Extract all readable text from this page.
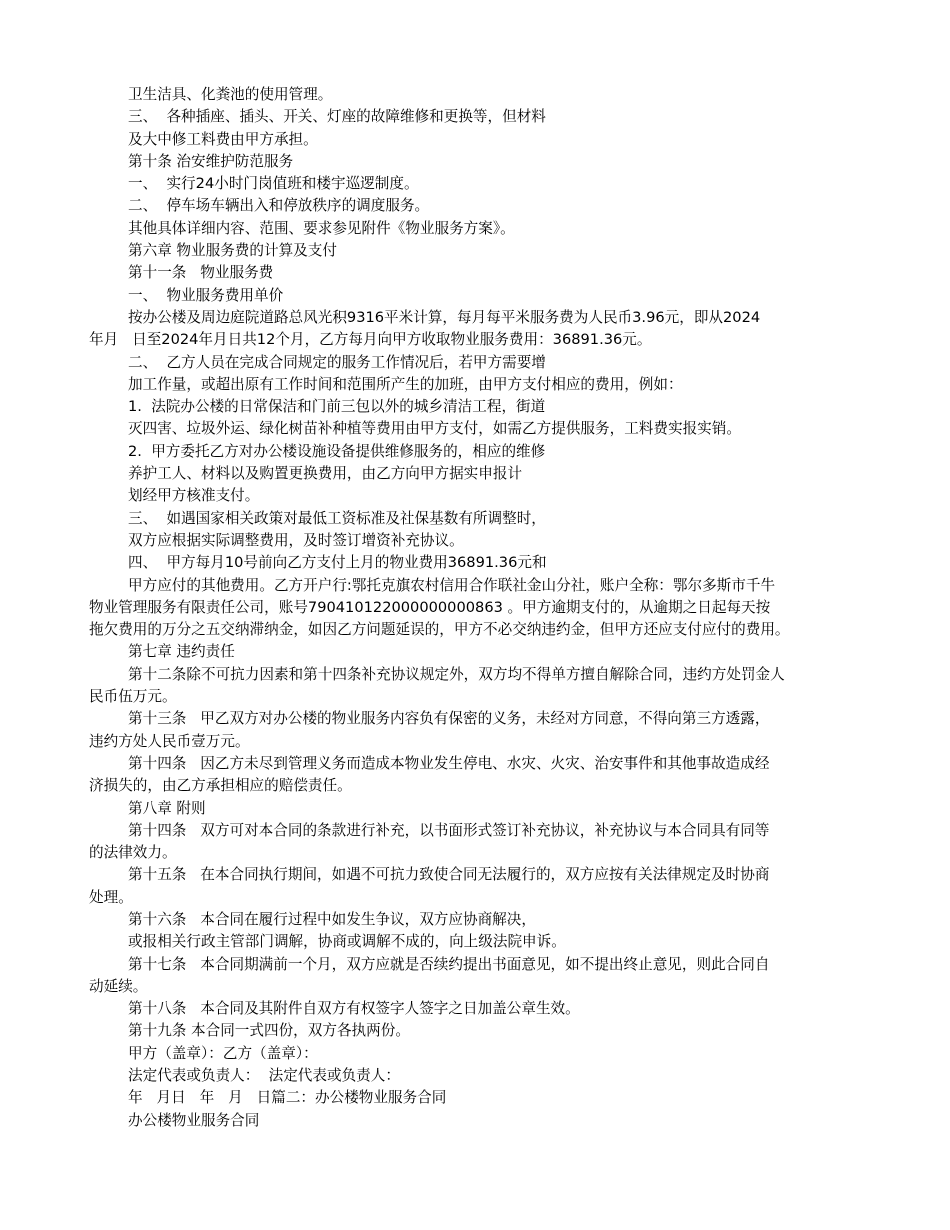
卫生洁具、化粪池的使用管理。
三、  各种插座、插头、开关、灯座的故障维修和更换等，但材料
及大中修工料费由甲方承担。
第十条 治安维护防范服务
一、  实行24小时门岗值班和楼宇巡逻制度。
二、  停车场车辆出入和停放秩序的调度服务。
其他具体详细内容、范围、要求参见附件《物业服务方案》。
第六章 物业服务费的计算及支付
第十一条   物业服务费
一、  物业服务费用单价
按办公楼及周边庭院道路总风光积9316平米计算，每月每平米服务费为人民币3.96元，即从2024
年月   日至2024年月日共12个月，乙方每月向甲方收取物业服务费用：36891.36元。
二、  乙方人员在完成合同规定的服务工作情况后，若甲方需要增
加工作量，或超出原有工作时间和范围所产生的加班，由甲方支付相应的费用，例如：
1.  法院办公楼的日常保洁和门前三包以外的城乡清洁工程，街道
灭四害、垃圾外运、绿化树苗补种植等费用由甲方支付，如需乙方提供服务，工料费实报实销。
2.  甲方委托乙方对办公楼设施设备提供维修服务的，相应的维修
养护工人、材料以及购置更换费用，由乙方向甲方据实申报计
划经甲方核准支付。
三、  如遇国家相关政策对最低工资标准及社保基数有所调整时，
双方应根据实际调整费用，及时签订增资补充协议。
四、  甲方每月10号前向乙方支付上月的物业费用36891.36元和
甲方应付的其他费用。乙方开户行:鄂托克旗农村信用合作联社金山分社，账户全称：鄂尔多斯市千牛
物业管理服务有限责任公司，账号790410122000000000863 。甲方逾期支付的，从逾期之日起每天按
拖欠费用的万分之五交纳滞纳金，如因乙方问题延误的，甲方不必交纳违约金，但甲方还应支付应付的费用。
第七章 违约责任
第十二条除不可抗力因素和第十四条补充协议规定外，双方均不得单方擅自解除合同，违约方处罚金人
民币伍万元。
第十三条   甲乙双方对办公楼的物业服务内容负有保密的义务，未经对方同意，不得向第三方透露，
违约方处人民币壹万元。
第十四条   因乙方未尽到管理义务而造成本物业发生停电、水灾、火灾、治安事件和其他事故造成经
济损失的，由乙方承担相应的赔偿责任。
第八章 附则
第十四条   双方可对本合同的条款进行补充，以书面形式签订补充协议，补充协议与本合同具有同等
的法律效力。
第十五条   在本合同执行期间，如遇不可抗力致使合同无法履行的，双方应按有关法律规定及时协商
处理。
第十六条   本合同在履行过程中如发生争议，双方应协商解决，
或报相关行政主管部门调解，协商或调解不成的，向上级法院申诉。
第十七条   本合同期满前一个月，双方应就是否续约提出书面意见，如不提出终止意见，则此合同自
动延续。
第十八条   本合同及其附件自双方有权签字人签字之日加盖公章生效。
第十九条 本合同一式四份，双方各执两份。
甲方（盖章）：乙方（盖章）：
法定代表或负责人：  法定代表或负责人：
年   月日   年   月   日篇二：办公楼物业服务合同
办公楼物业服务合同
